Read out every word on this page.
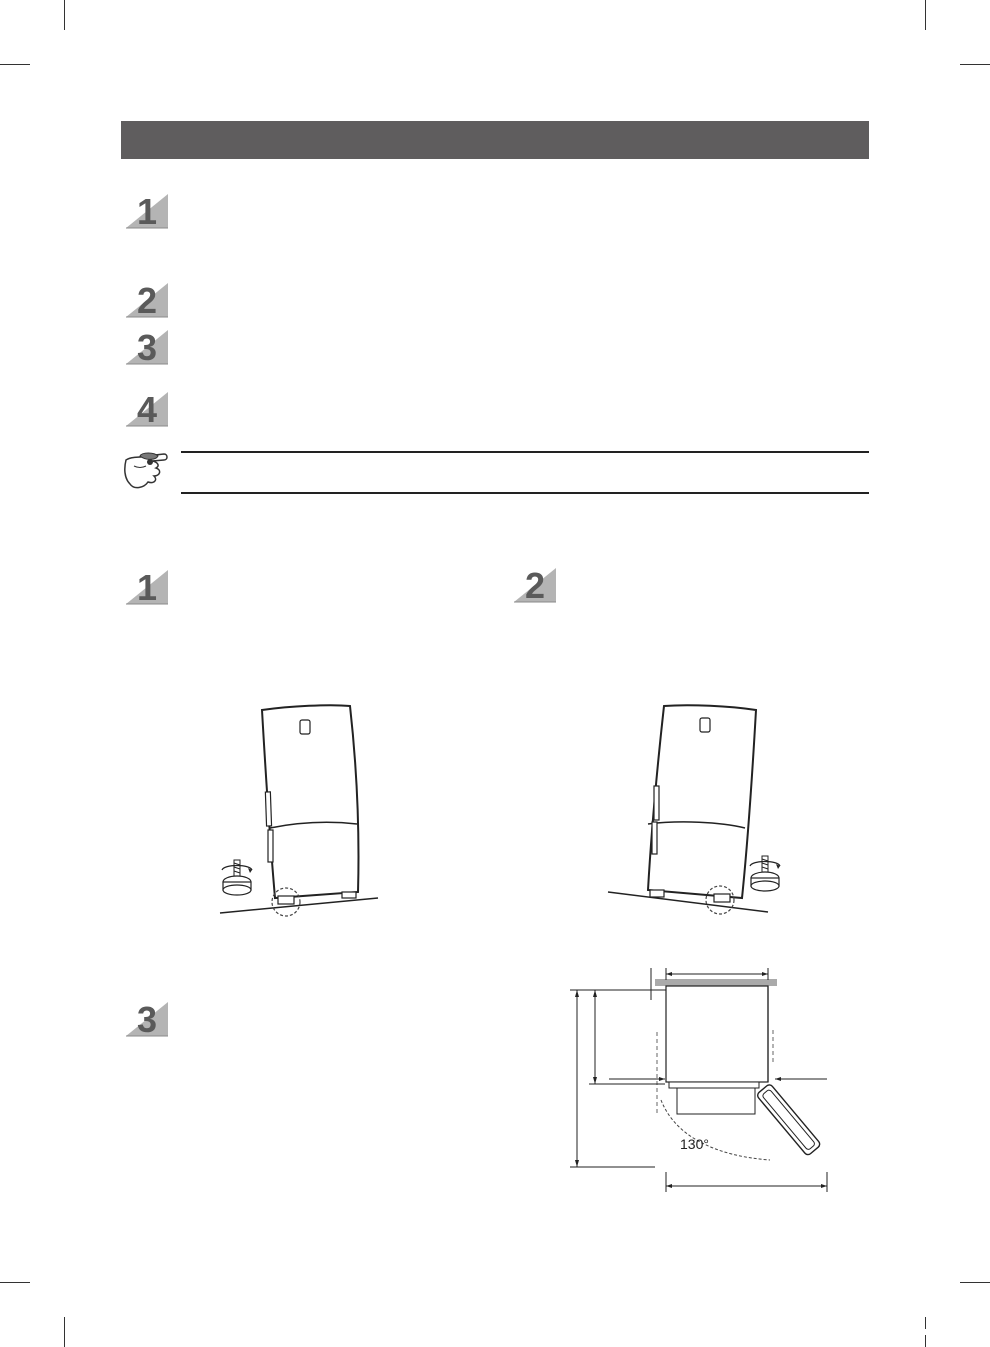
1
2
3
4
1	2
3
130°
